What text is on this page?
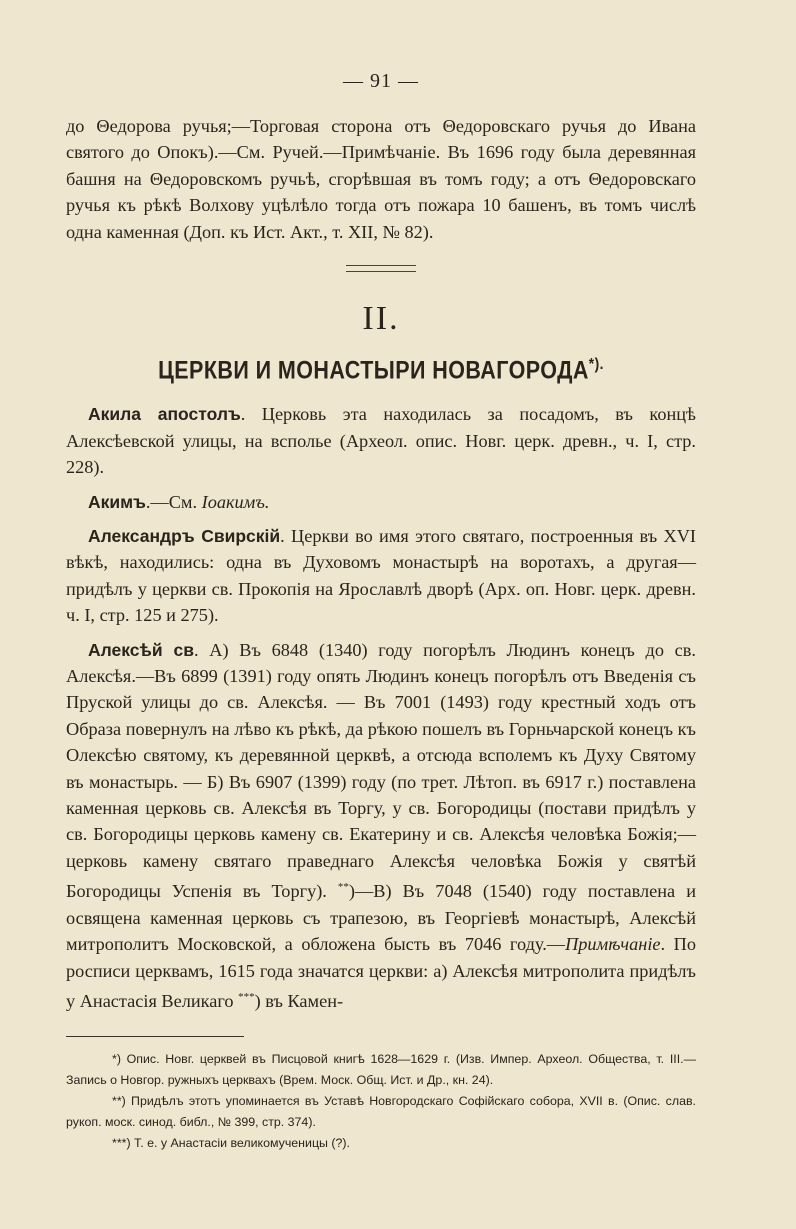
— 91 —

до Θедорова ручья;—Торговая сторона отъ Θедоровскаго ручья до Ивана святого до Опокъ).—См. Ручей.—Примѣчаніе. Въ 1696 году была деревянная башня на Θедоровскомъ ручьѣ, сгорѣвшая въ томъ году; а отъ Θедоровскаго ручья къ рѣкѣ Волхову уцѣлѣло тогда отъ пожара 10 башенъ, въ томъ числѣ одна каменная (Доп. къ Ист. Акт., т. XII, № 82).

II.
ЦЕРКВИ И МОНАСТЫРИ НОВАГОРОДА*).

Акила апостолъ. Церковь эта находилась за посадомъ, въ концѣ Алексѣевской улицы, на всполье (Археол. опис. Новг. церк. древн., ч. I, стр. 228).

Акимъ.—См. Іоакимъ.

Александръ Свирскій. Церкви во имя этого святаго, построенныя въ XVI вѣкѣ, находились: одна въ Духовомъ монастырѣ на воротахъ, а другая—придѣлъ у церкви св. Прокопія на Ярославлѣ дворѣ (Арх. оп. Новг. церк. древн. ч. I, стр. 125 и 275).

Алексѣй св. А) Въ 6848 (1340) году погорѣлъ Людинъ конецъ до св. Алексѣя.—Въ 6899 (1391) году опять Людинъ конецъ погорѣлъ отъ Введенія съ Пруской улицы до св. Алексѣя. — Въ 7001 (1493) году крестный ходъ отъ Образа повернулъ на лѣво къ рѣкѣ, да рѣкою пошелъ въ Горньчарской конецъ къ Олексѣю святому, къ деревянной церквѣ, а отсюда всполемъ къ Духу Святому въ монастырь. — Б) Въ 6907 (1399) году (по трет. Лѣтоп. въ 6917 г.) поставлена каменная церковь св. Алексѣя въ Торгу, у св. Богородицы (постави придѣлъ у св. Богородицы церковь камену св. Екатерину и св. Алексѣя человѣка Божія;—церковь камену святаго праведнаго Алексѣя человѣка Божія у святѣй Богородицы Успенія въ Торгу). **)—В) Въ 7048 (1540) году поставлена и освящена каменная церковь съ трапезою, въ Георгіевѣ монастырѣ, Алексѣй митрополитъ Московской, а обложена бысть въ 7046 году.—Примѣчаніе. По росписи церквамъ, 1615 года значатся церкви: а) Алексѣя митрополита придѣлъ у Анастасія Великаго ***) въ Камен-

*) Опис. Новг. церквей въ Писцовой книгѣ 1628—1629 г. (Изв. Импер. Археол. Общества, т. III.—Запись о Новгор. ружныхъ церквахъ (Врем. Моск. Общ. Ист. и Др., кн. 24).
**) Придѣлъ этотъ упоминается въ Уставѣ Новгородскаго Софійскаго собора, XVII в. (Опис. слав. рукоп. моск. синод. библ., № 399, стр. 374).
***) Т. е. у Анастасіи великомученицы (?).
